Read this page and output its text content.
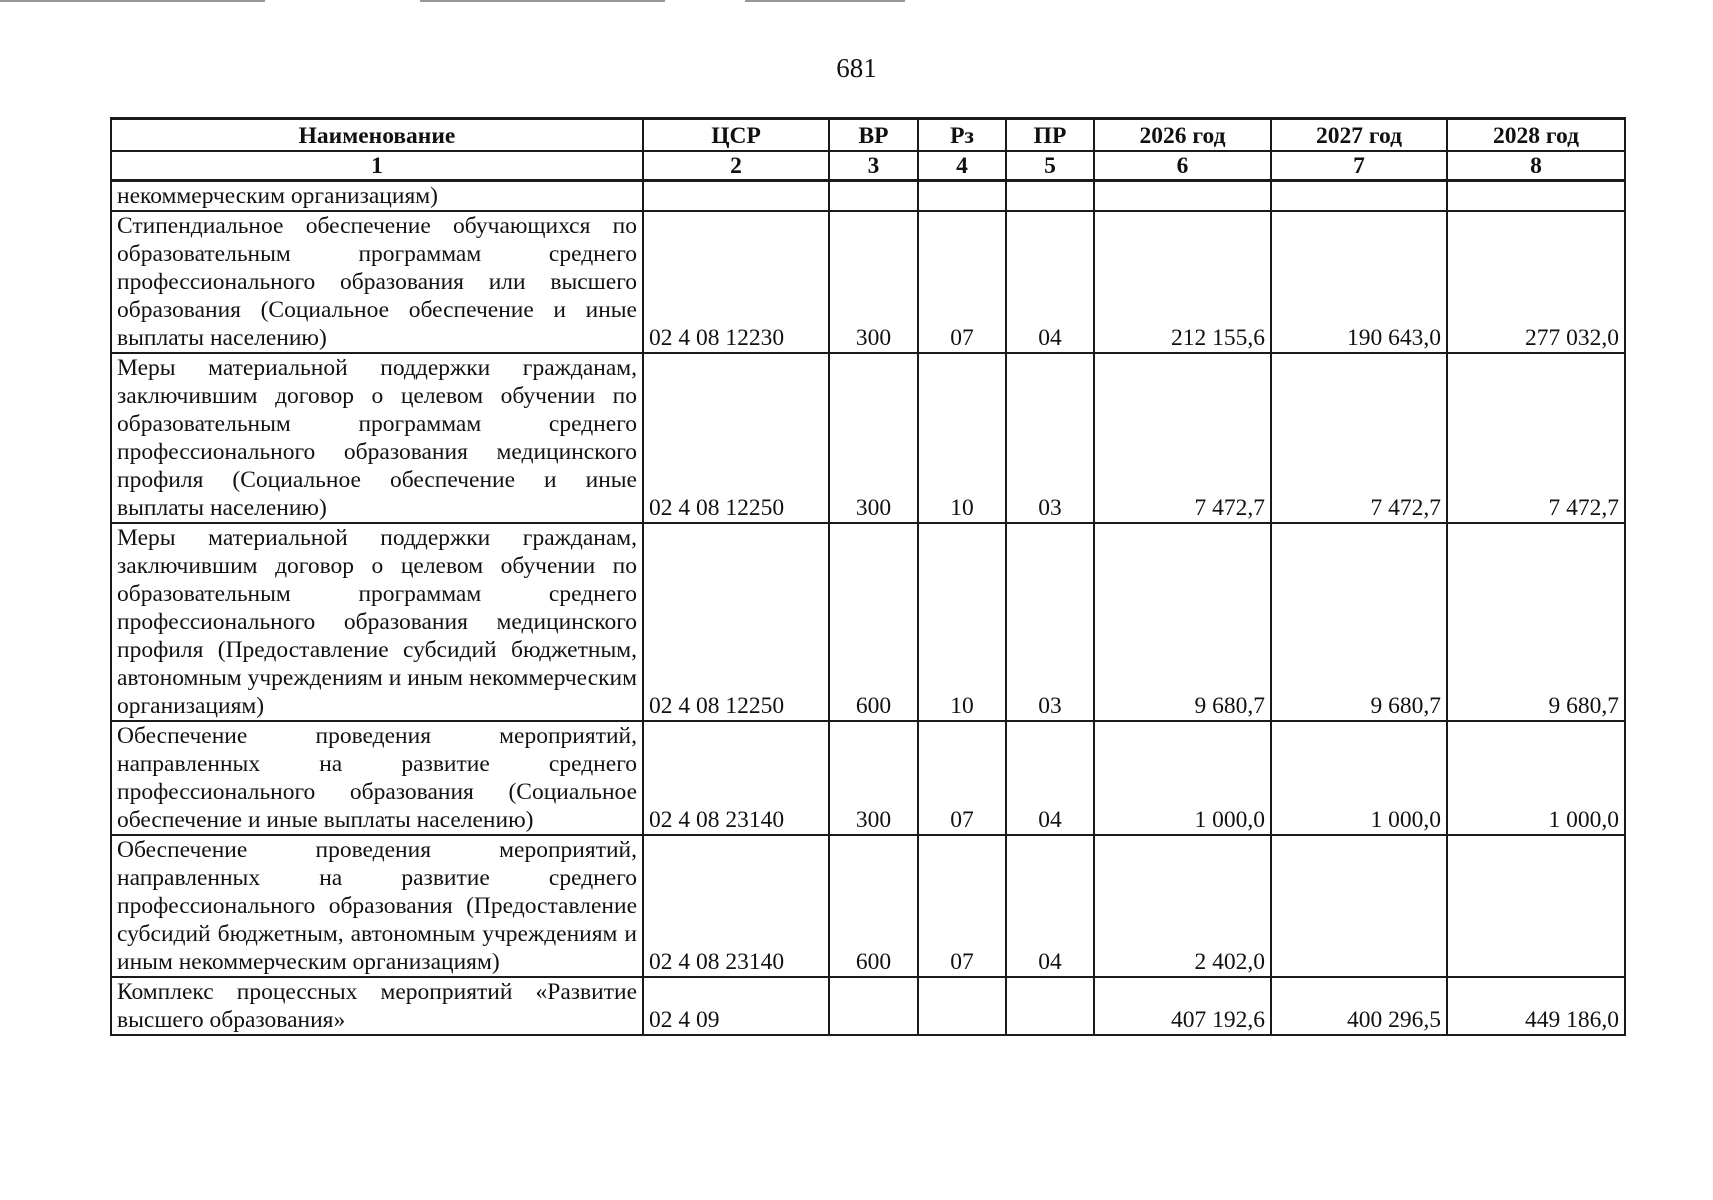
681
Наименование	ЦСР	ВР	Рз	ПР	2026 год	2027 год	2028 год
1	2	3	4	5	6	7	8
некоммерческим организациям)							
Стипендиальное обеспечение обучающихся по образовательным программам среднего профессионального образования или высшего образования (Социальное обеспечение и иные выплаты населению)	02 4 08 12230	300	07	04	212 155,6	190 643,0	277 032,0
Меры материальной поддержки гражданам, заключившим договор о целевом обучении по образовательным программам среднего профессионального образования медицинского профиля (Социальное обеспечение и иные выплаты населению)	02 4 08 12250	300	10	03	7 472,7	7 472,7	7 472,7
Меры материальной поддержки гражданам, заключившим договор о целевом обучении по образовательным программам среднего профессионального образования медицинского профиля (Предоставление субсидий бюджетным, автономным учреждениям и иным некоммерческим организациям)	02 4 08 12250	600	10	03	9 680,7	9 680,7	9 680,7
Обеспечение проведения мероприятий, направленных на развитие среднего профессионального образования (Социальное обеспечение и иные выплаты населению)	02 4 08 23140	300	07	04	1 000,0	1 000,0	1 000,0
Обеспечение проведения мероприятий, направленных на развитие среднего профессионального образования (Предоставление субсидий бюджетным, автономным учреждениям и иным некоммерческим организациям)	02 4 08 23140	600	07	04	2 402,0		
Комплекс процессных мероприятий «Развитие высшего образования»	02 4 09				407 192,6	400 296,5	449 186,0
